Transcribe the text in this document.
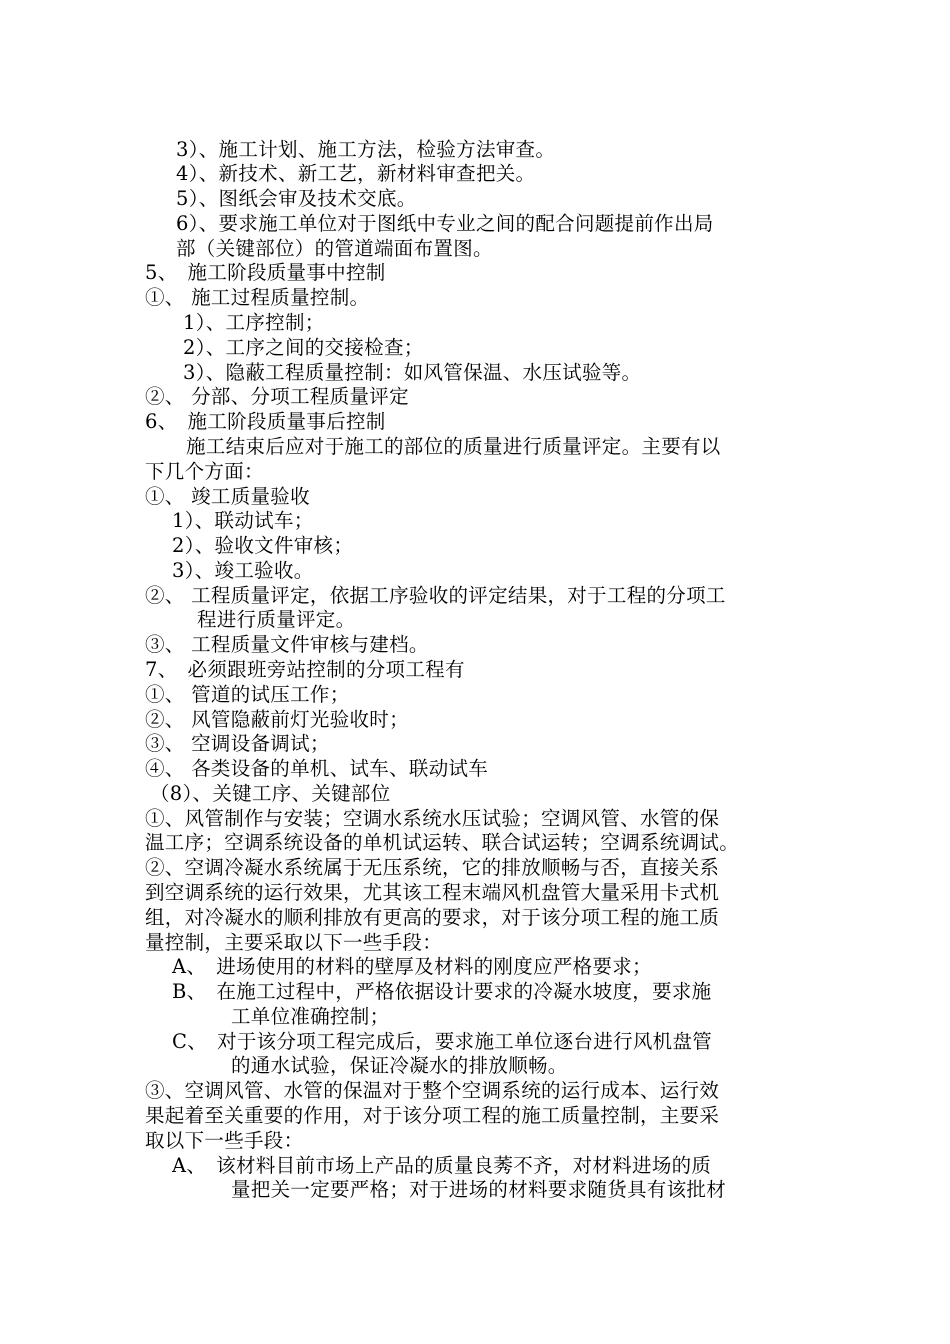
3）、施工计划、施工方法，检验方法审查。
4）、新技术、新工艺，新材料审查把关。
5）、图纸会审及技术交底。
6）、要求施工单位对于图纸中专业之间的配合问题提前作出局
部（关键部位）的管道端面布置图。
5、　施工阶段质量事中控制
①、 施工过程质量控制。
1）、工序控制；
2）、工序之间的交接检查；
3）、隐蔽工程质量控制：如风管保温、水压试验等。
②、 分部、分项工程质量评定
6、　施工阶段质量事后控制
施工结束后应对于施工的部位的质量进行质量评定。主要有以
下几个方面：
①、 竣工质量验收
1）、联动试车；
2）、验收文件审核；
3）、竣工验收。
②、 工程质量评定，依据工序验收的评定结果，对于工程的分项工
程进行质量评定。
③、 工程质量文件审核与建档。
7、　必须跟班旁站控制的分项工程有
①、 管道的试压工作；
②、 风管隐蔽前灯光验收时；
③、 空调设备调试；
④、 各类设备的单机、试车、联动试车
（8）、关键工序、关键部位
①、风管制作与安装；空调水系统水压试验；空调风管、水管的保
温工序；空调系统设备的单机试运转、联合试运转；空调系统调试。
②、空调冷凝水系统属于无压系统，它的排放顺畅与否，直接关系
到空调系统的运行效果，尤其该工程末端风机盘管大量采用卡式机
组，对冷凝水的顺利排放有更高的要求，对于该分项工程的施工质
量控制，主要采取以下一些手段：
A、　进场使用的材料的壁厚及材料的刚度应严格要求；
B、　在施工过程中，严格依据设计要求的冷凝水坡度，要求施
工单位准确控制；
C、　对于该分项工程完成后，要求施工单位逐台进行风机盘管
的通水试验，保证冷凝水的排放顺畅。
③、空调风管、水管的保温对于整个空调系统的运行成本、运行效
果起着至关重要的作用，对于该分项工程的施工质量控制，主要采
取以下一些手段：
A、　该材料目前市场上产品的质量良莠不齐，对材料进场的质
量把关一定要严格；对于进场的材料要求随货具有该批材
